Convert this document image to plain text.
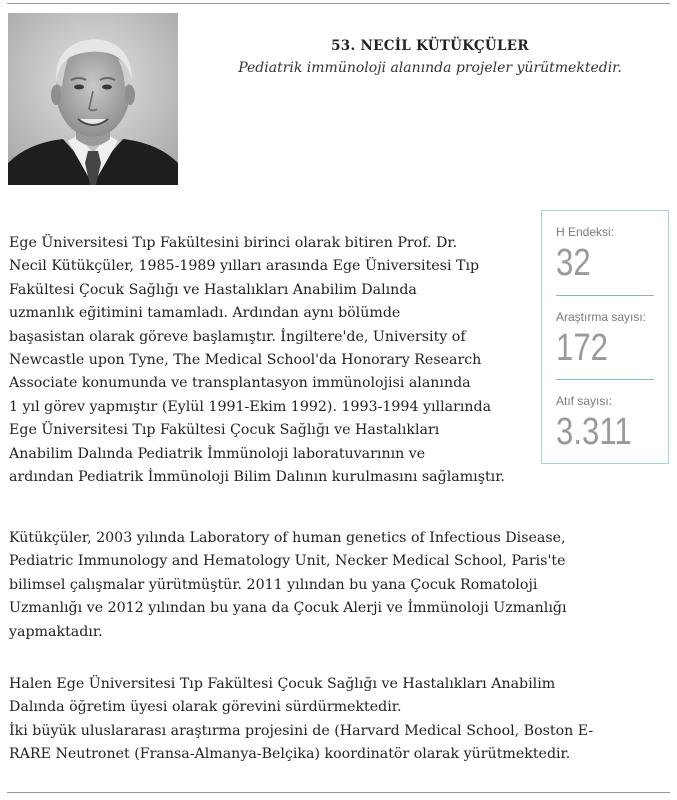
53. NECİL KÜTÜKÇÜLER
Pediatrik immünoloji alanında projeler yürütmektedir.
H Endeksi:
32
Araştırma sayısı:
172
Atıf sayısı:
3.311
Ege Üniversitesi Tıp Fakültesini birinci olarak bitiren Prof. Dr.
Necil Kütükçüler, 1985-1989 yılları arasında Ege Üniversitesi Tıp
Fakültesi Çocuk Sağlığı ve Hastalıkları Anabilim Dalında
uzmanlık eğitimini tamamladı. Ardından aynı bölümde
başasistan olarak göreve başlamıştır. İngiltere'de, University of
Newcastle upon Tyne, The Medical School'da Honorary Research
Associate konumunda ve transplantasyon immünolojisi alanında
1 yıl görev yapmıştır (Eylül 1991-Ekim 1992). 1993-1994 yıllarında
Ege Üniversitesi Tıp Fakültesi Çocuk Sağlığı ve Hastalıkları
Anabilim Dalında Pediatrik İmmünoloji laboratuvarının ve
ardından Pediatrik İmmünoloji Bilim Dalının kurulmasını sağlamıştır.
Kütükçüler, 2003 yılında Laboratory of human genetics of Infectious Disease,
Pediatric Immunology and Hematology Unit, Necker Medical School, Paris'te
bilimsel çalışmalar yürütmüştür. 2011 yılından bu yana Çocuk Romatoloji
Uzmanlığı ve 2012 yılından bu yana da Çocuk Alerji ve İmmünoloji Uzmanlığı
yapmaktadır.
Halen Ege Üniversitesi Tıp Fakültesi Çocuk Sağlığı ve Hastalıkları Anabilim
Dalında öğretim üyesi olarak görevini sürdürmektedir.
İki büyük uluslararası araştırma projesini de (Harvard Medical School, Boston E-
RARE Neutronet (Fransa-Almanya-Belçika) koordinatör olarak yürütmektedir.
